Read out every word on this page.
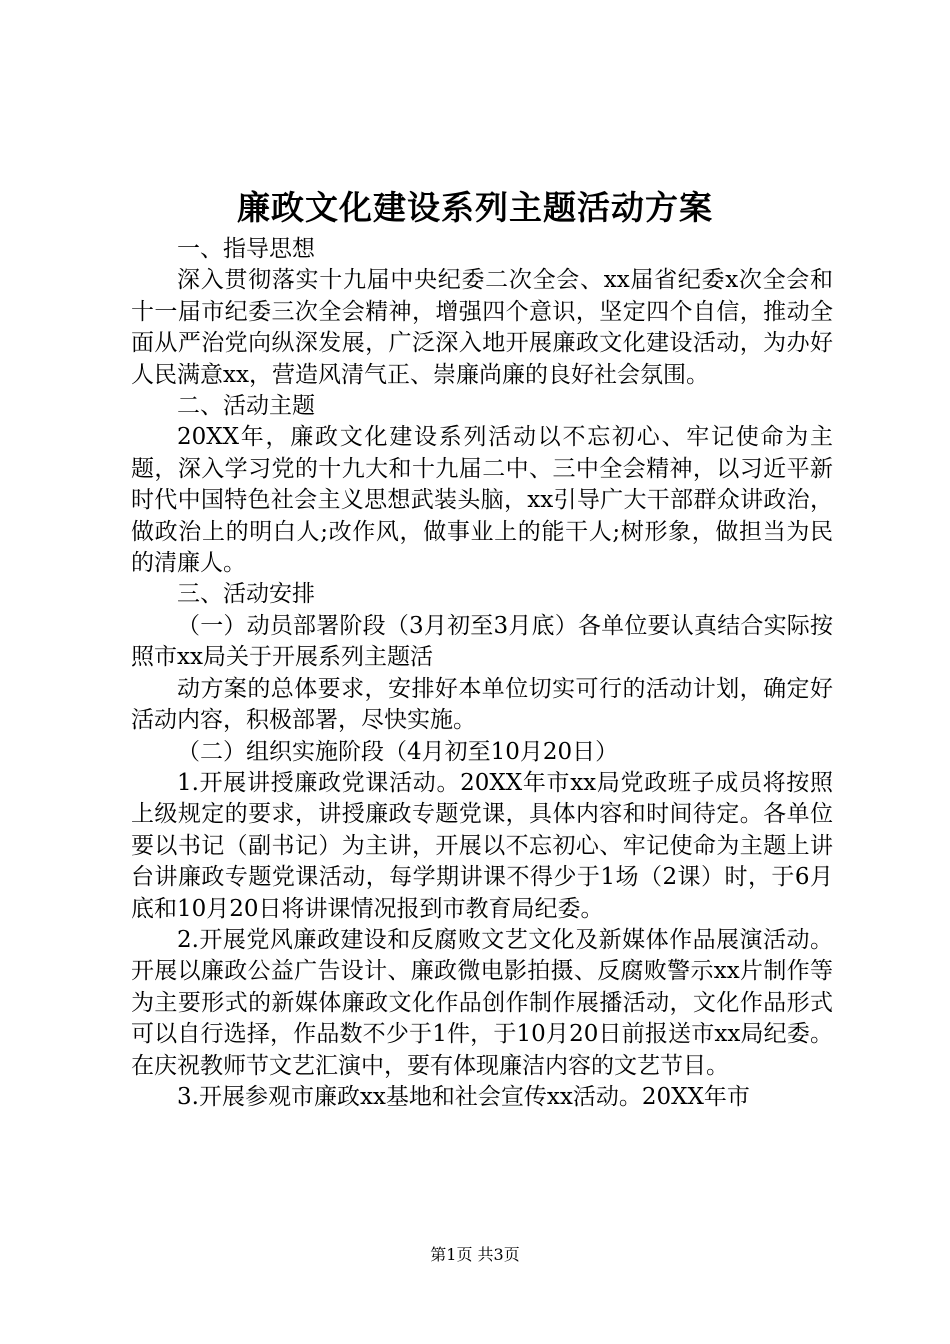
廉政文化建设系列主题活动方案

一、指导思想

深入贯彻落实十九届中央纪委二次全会、xx届省纪委x次全会和十一届市纪委三次全会精神，增强四个意识，坚定四个自信，推动全面从严治党向纵深发展，广泛深入地开展廉政文化建设活动，为办好人民满意xx，营造风清气正、崇廉尚廉的良好社会氛围。

二、活动主题

20XX年，廉政文化建设系列活动以不忘初心、牢记使命为主题，深入学习党的十九大和十九届二中、三中全会精神，以习近平新时代中国特色社会主义思想武装头脑，xx引导广大干部群众讲政治，做政治上的明白人;改作风，做事业上的能干人;树形象，做担当为民的清廉人。

三、活动安排

（一）动员部署阶段（3月初至3月底）各单位要认真结合实际按照市xx局关于开展系列主题活

动方案的总体要求，安排好本单位切实可行的活动计划，确定好活动内容，积极部署，尽快实施。

（二）组织实施阶段（4月初至10月20日）

1.开展讲授廉政党课活动。20XX年市xx局党政班子成员将按照上级规定的要求，讲授廉政专题党课，具体内容和时间待定。各单位要以书记（副书记）为主讲，开展以不忘初心、牢记使命为主题上讲台讲廉政专题党课活动，每学期讲课不得少于1场（2课）时，于6月底和10月20日将讲课情况报到市教育局纪委。

2.开展党风廉政建设和反腐败文艺文化及新媒体作品展演活动。开展以廉政公益广告设计、廉政微电影拍摄、反腐败警示xx片制作等为主要形式的新媒体廉政文化作品创作制作展播活动，文化作品形式可以自行选择，作品数不少于1件，于10月20日前报送市xx局纪委。在庆祝教师节文艺汇演中，要有体现廉洁内容的文艺节目。

3.开展参观市廉政xx基地和社会宣传xx活动。20XX年市

第1页 共3页
